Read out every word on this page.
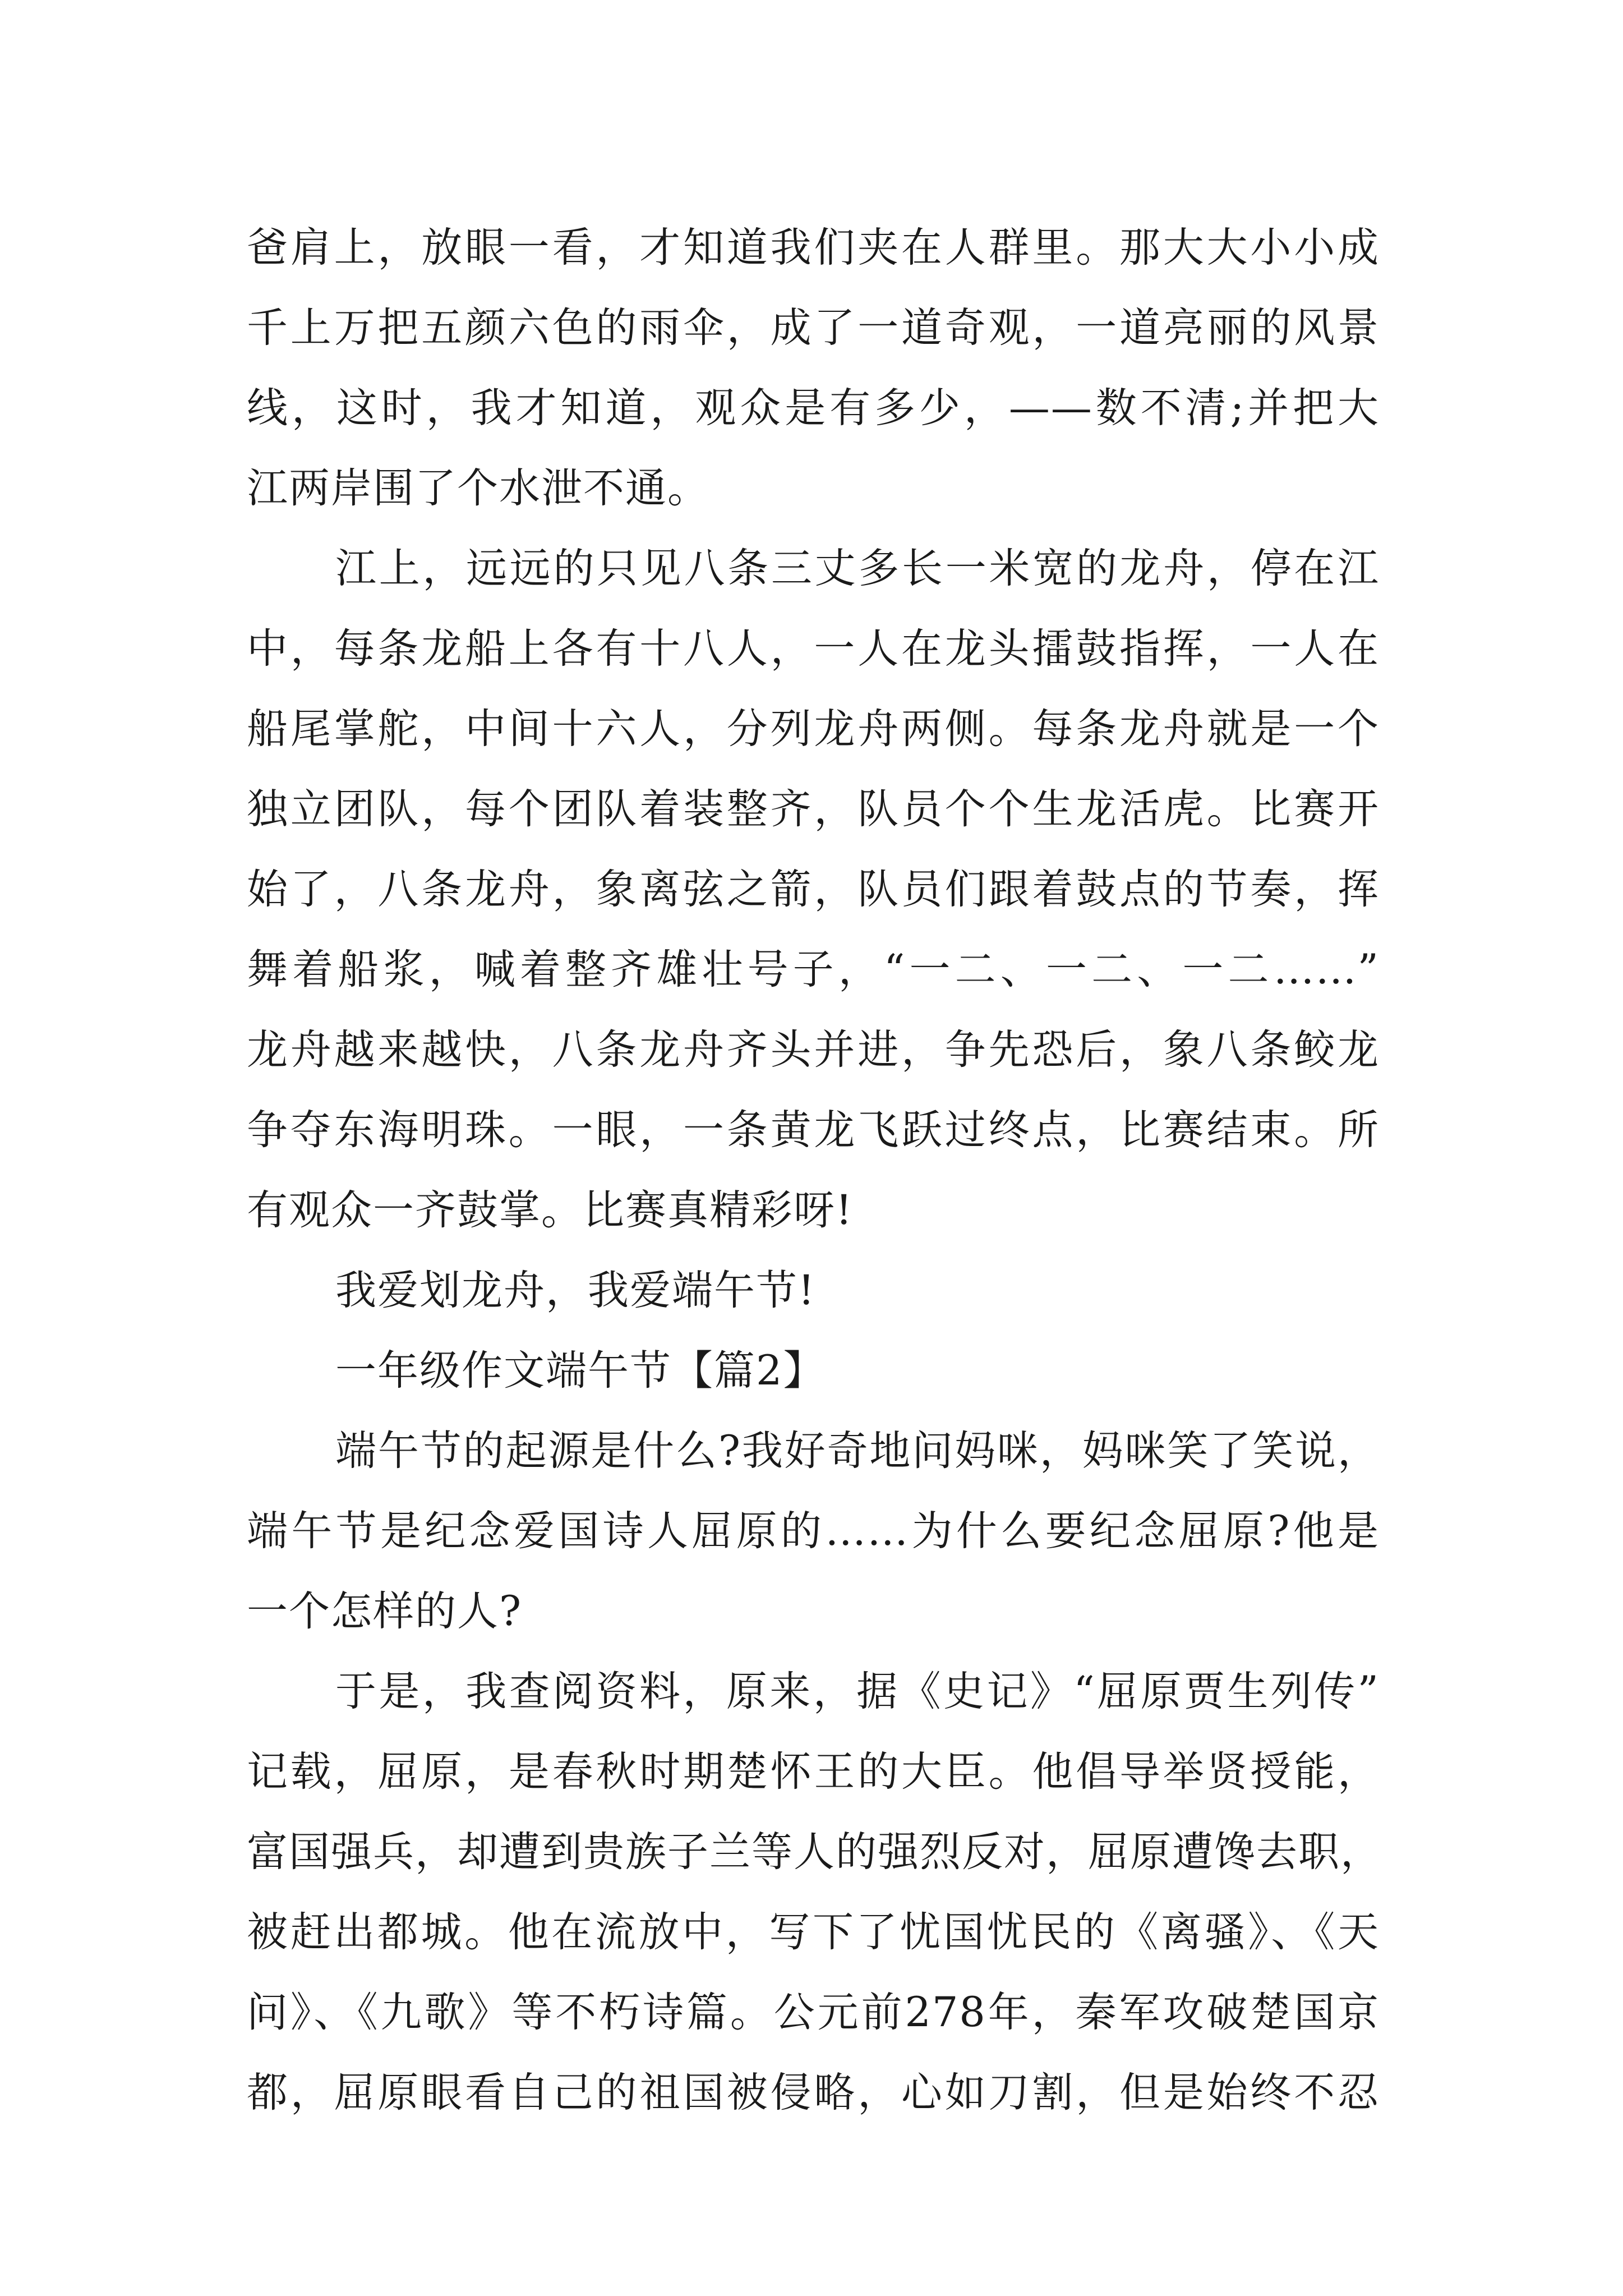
爸肩上，放眼一看，才知道我们夹在人群里。那大大小小成
千上万把五颜六色的雨伞，成了一道奇观，一道亮丽的风景
线，这时，我才知道，观众是有多少，——数不清;并把大
江两岸围了个水泄不通。
江上，远远的只见八条三丈多长一米宽的龙舟，停在江
中，每条龙船上各有十八人，一人在龙头擂鼓指挥，一人在
船尾掌舵，中间十六人，分列龙舟两侧。每条龙舟就是一个
独立团队，每个团队着装整齐，队员个个生龙活虎。比赛开
始了，八条龙舟，象离弦之箭，队员们跟着鼓点的节奏，挥
舞着船浆，喊着整齐雄壮号子，“一二、一二、一二……”
龙舟越来越快，八条龙舟齐头并进，争先恐后，象八条鲛龙
争夺东海明珠。一眼，一条黄龙飞跃过终点，比赛结束。所
有观众一齐鼓掌。比赛真精彩呀!
我爱划龙舟，我爱端午节!
一年级作文端午节【篇2】
端午节的起源是什么?我好奇地问妈咪，妈咪笑了笑说，
端午节是纪念爱国诗人屈原的……为什么要纪念屈原?他是
一个怎样的人?
于是，我查阅资料，原来，据《史记》“屈原贾生列传”
记载，屈原，是春秋时期楚怀王的大臣。他倡导举贤授能，
富国强兵，却遭到贵族子兰等人的强烈反对，屈原遭馋去职，
被赶出都城。他在流放中，写下了忧国忧民的《离骚》、《天
问》、《九歌》等不朽诗篇。公元前278年，秦军攻破楚国京
都，屈原眼看自己的祖国被侵略，心如刀割，但是始终不忍
